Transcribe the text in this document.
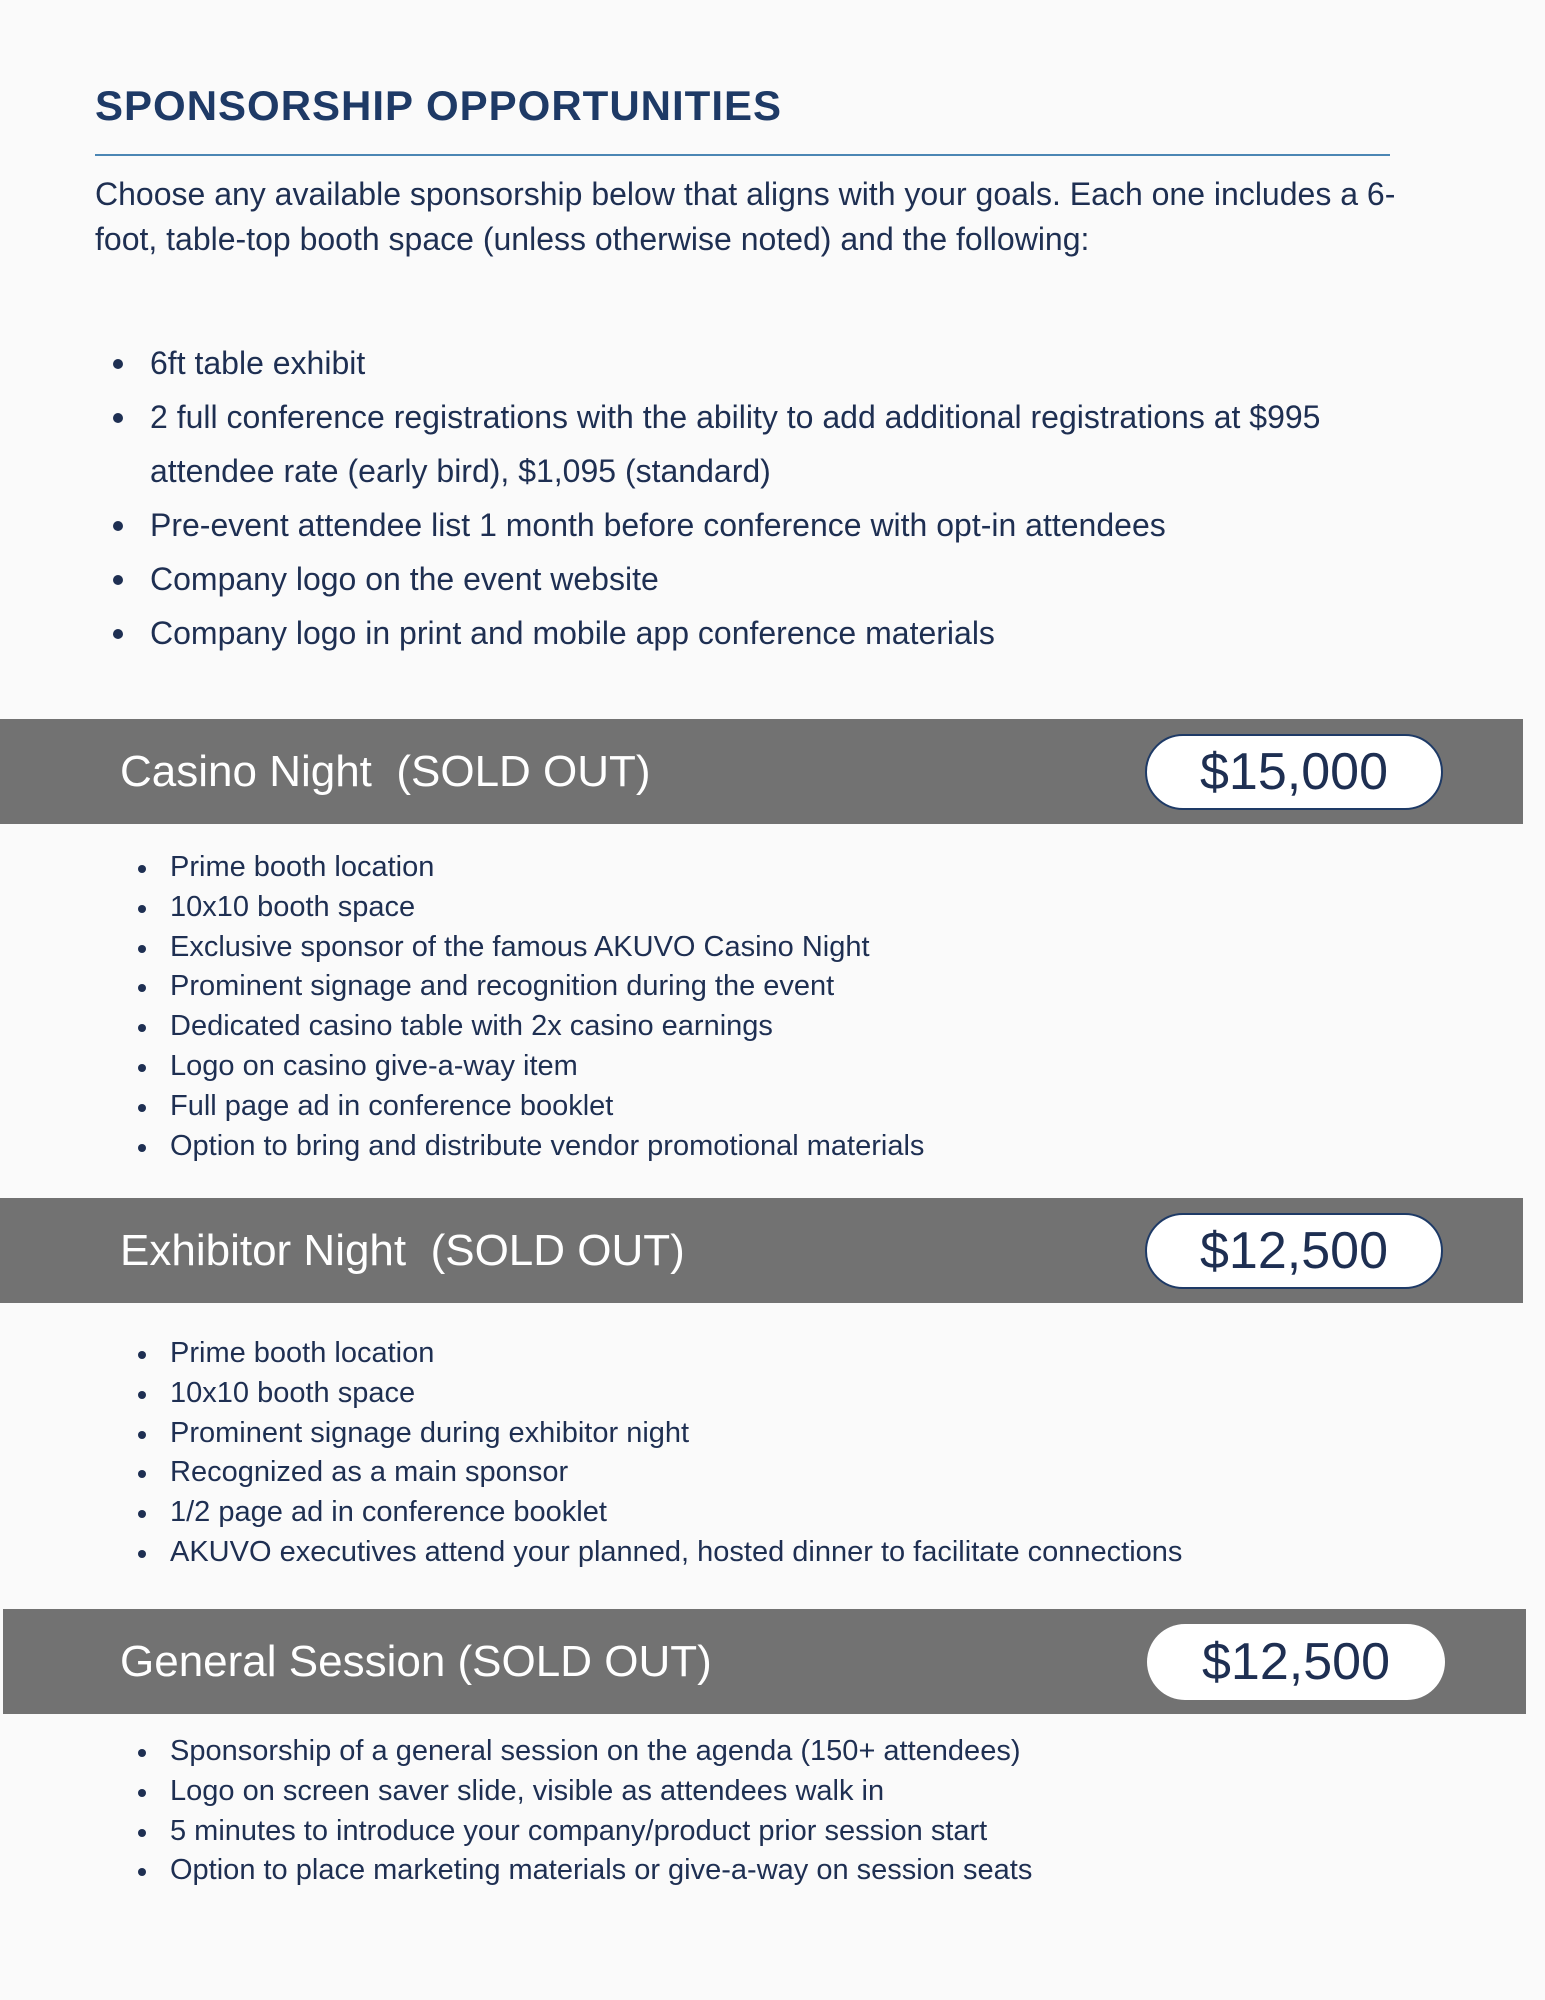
SPONSORSHIP OPPORTUNITIES

Choose any available sponsorship below that aligns with your goals. Each one includes a 6-foot, table-top booth space (unless otherwise noted) and the following:

6ft table exhibit
2 full conference registrations with the ability to add additional registrations at $995 attendee rate (early bird), $1,095 (standard)
Pre-event attendee list 1 month before conference with opt-in attendees
Company logo on the event website
Company logo in print and mobile app conference materials
Casino Night  (SOLD OUT)	$15,000
Prime booth location
10x10 booth space
Exclusive sponsor of the famous AKUVO Casino Night
Prominent signage and recognition during the event
Dedicated casino table with 2x casino earnings
Logo on casino give-a-way item
Full page ad in conference booklet
Option to bring and distribute vendor promotional materials
Exhibitor Night  (SOLD OUT)	$12,500
Prime booth location
10x10 booth space
Prominent signage during exhibitor night
Recognized as a main sponsor
1/2 page ad in conference booklet
AKUVO executives attend your planned, hosted dinner to facilitate connections
General Session (SOLD OUT)	$12,500
Sponsorship of a general session on the agenda (150+ attendees)
Logo on screen saver slide, visible as attendees walk in
5 minutes to introduce your company/product prior session start
Option to place marketing materials or give-a-way on session seats
